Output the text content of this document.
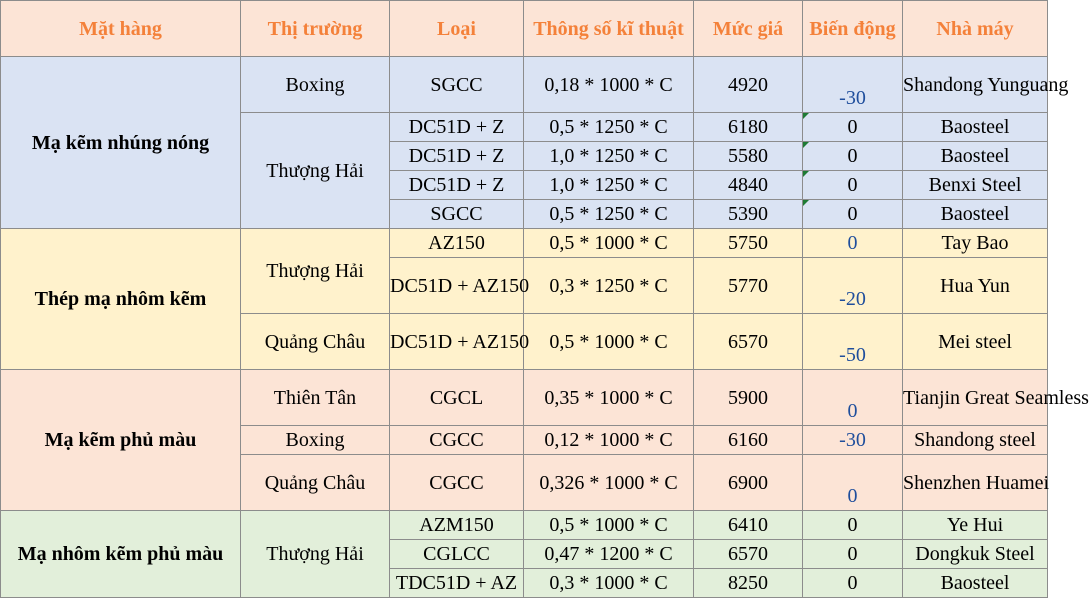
Mặt hàng	Thị trường	Loại	Thông số kĩ thuật	Mức giá	Biến động	Nhà máy
Mạ kẽm nhúng nóng	Boxing	SGCC	0,18 * 1000 * C	4920	-30	Shandong Yunguang

	Thượng Hải	DC51D + Z	0,5 * 1250 * C	6180	0	Baosteel
		DC51D + Z	1,0 * 1250 * C	5580	0	Baosteel
		DC51D + Z	1,0 * 1250 * C	4840	0	Benxi Steel
		SGCC	0,5 * 1250 * C	5390	0	Baosteel
Thép mạ nhôm kẽm	Thượng Hải	AZ150	0,5 * 1000 * C	5750	0	Tay Bao
		DC51D + AZ150	0,3 * 1250 * C	5770	-20	Hua Yun

	Quảng Châu	DC51D + AZ150	0,5 * 1000 * C	6570	-50	Mei steel

Mạ kẽm phủ màu	Thiên Tân	CGCL	0,35 * 1000 * C	5900	0	Tianjin Great Seamless

	Boxing	CGCC	0,12 * 1000 * C	6160	-30	Shandong steel
	Quảng Châu	CGCC	0,326 * 1000 * C	6900	0	Shenzhen Huamei

Mạ nhôm kẽm phủ màu	Thượng Hải	AZM150	0,5 * 1000 * C	6410	0	Ye Hui
		CGLCC	0,47 * 1200 * C	6570	0	Dongkuk Steel
		TDC51D + AZ	0,3 * 1000 * C	8250	0	Baosteel
